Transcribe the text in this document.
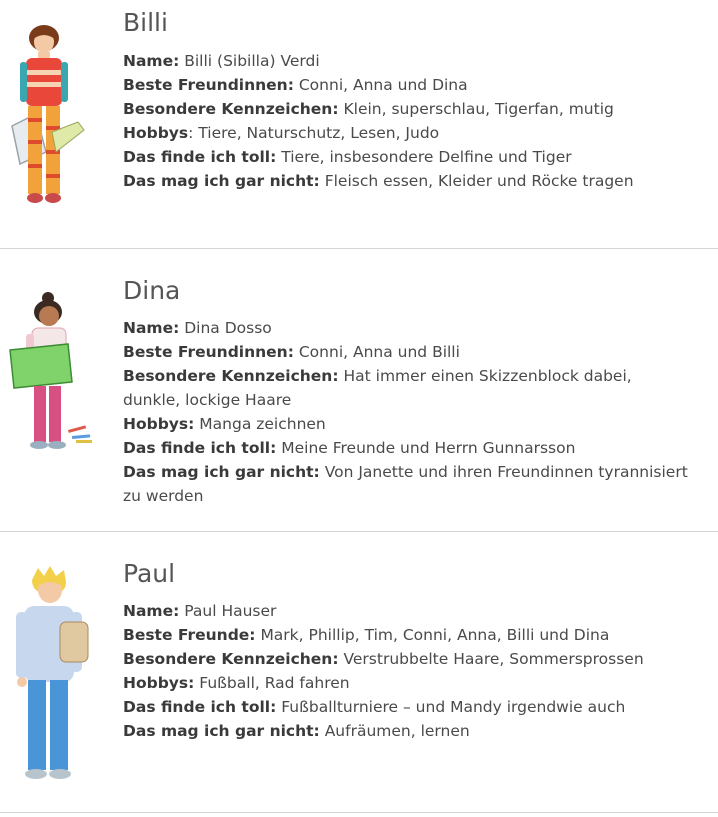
Billi

Name: Billi (Sibilla) Verdi

Beste Freundinnen: Conni, Anna und Dina

Besondere Kennzeichen: Klein, superschlau, Tigerfan, mutig

Hobbys: Tiere, Naturschutz, Lesen, Judo

Das finde ich toll: Tiere, insbesondere Delfine und Tiger

Das mag ich gar nicht: Fleisch essen, Kleider und Röcke tragen

Dina

Name: Dina Dosso

Beste Freundinnen: Conni, Anna und Billi

Besondere Kennzeichen: Hat immer einen Skizzenblock dabei, dunkle, lockige Haare

Hobbys: Manga zeichnen

Das finde ich toll: Meine Freunde und Herrn Gunnarsson

Das mag ich gar nicht: Von Janette und ihren Freundinnen tyrannisiert zu werden

Paul

Name: Paul Hauser

Beste Freunde: Mark, Phillip, Tim, Conni, Anna, Billi und Dina

Besondere Kennzeichen: Verstrubbelte Haare, Sommersprossen

Hobbys: Fußball, Rad fahren

Das finde ich toll: Fußballturniere – und Mandy irgendwie auch

Das mag ich gar nicht: Aufräumen, lernen
